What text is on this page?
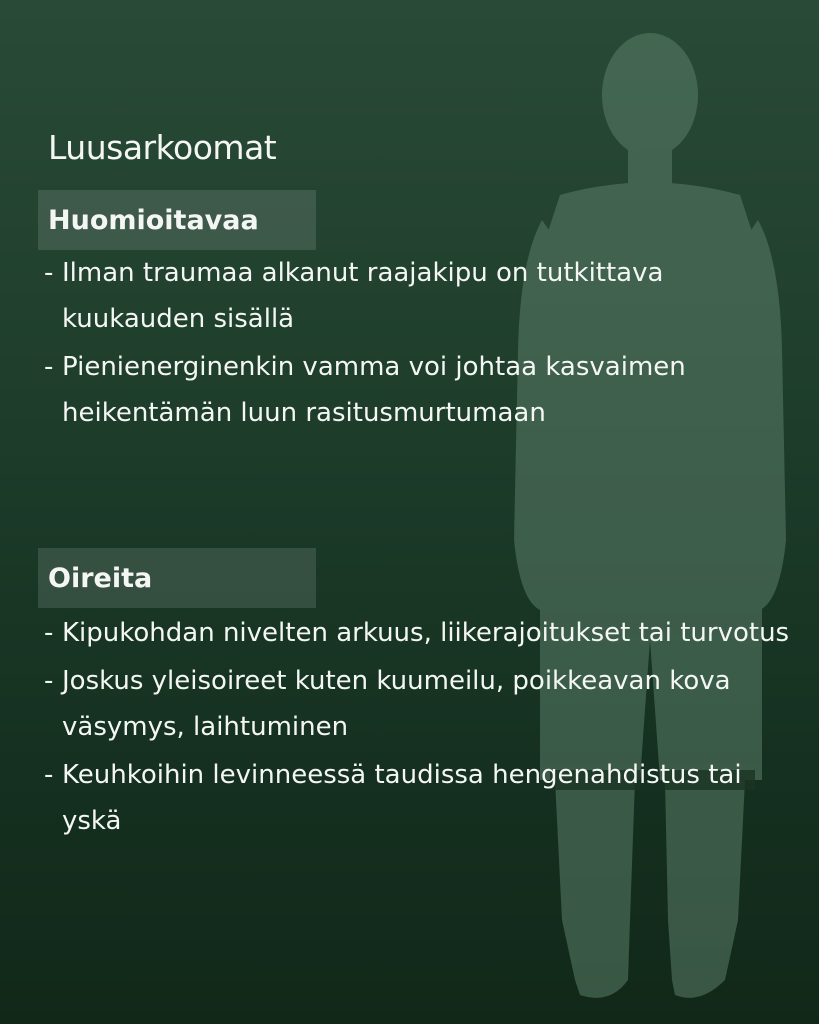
Luusarkoomat
Huomioitavaa
- Ilman traumaa alkanut raajakipu on tutkittava kuukauden sisällä
- Pienienerginenkin vamma voi johtaa kasvaimen heikentämän luun rasitusmurtumaan
Oireita
- Kipukohdan nivelten arkuus, liikerajoitukset tai turvotus
- Joskus yleisoireet kuten kuumeilu, poikkeavan kova väsymys, laihtuminen
- Keuhkoihin levinneessä taudissa hengenahdistus tai yskä
